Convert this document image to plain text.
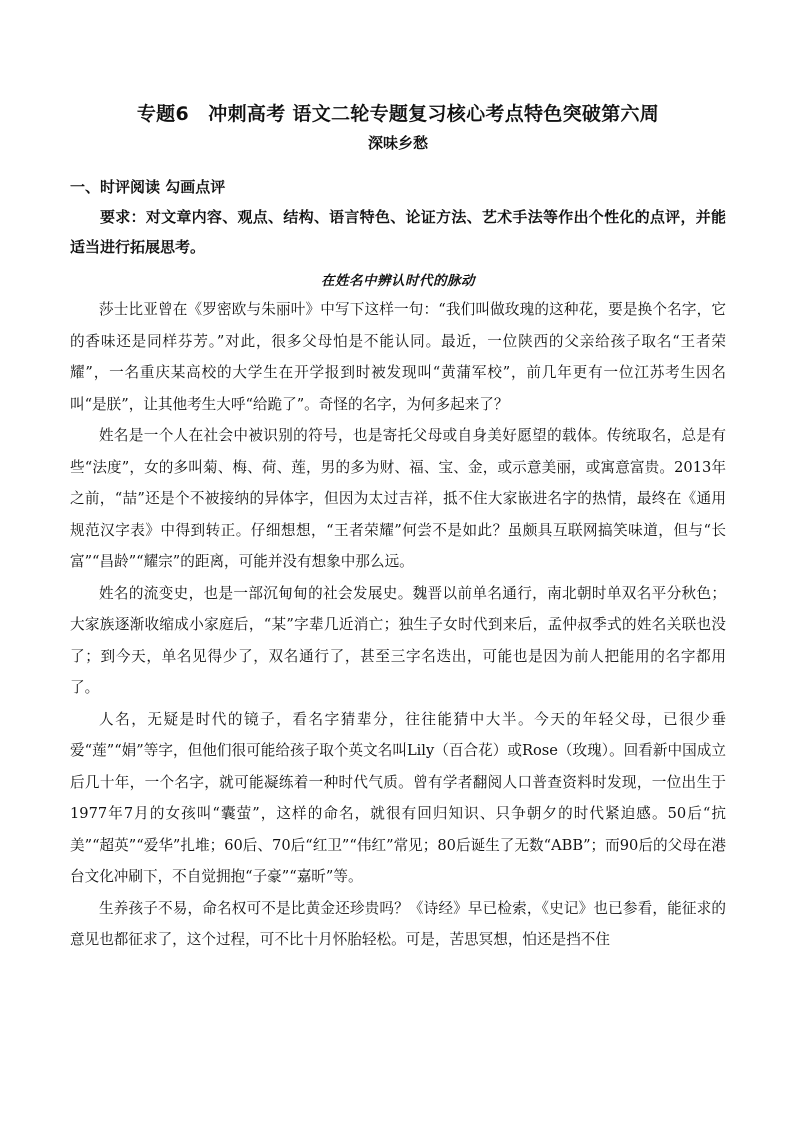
专题6　冲刺高考 语文二轮专题复习核心考点特色突破第六周
深味乡愁
一、时评阅读 勾画点评

要求：对文章内容、观点、结构、语言特色、论证方法、艺术手法等作出个性化的点评，并能适当进行拓展思考。

在姓名中辨认时代的脉动

莎士比亚曾在《罗密欧与朱丽叶》中写下这样一句：“我们叫做玫瑰的这种花，要是换个名字，它的香味还是同样芬芳。”对此，很多父母怕是不能认同。最近，一位陕西的父亲给孩子取名“王者荣耀”，一名重庆某高校的大学生在开学报到时被发现叫“黄蒲军校”，前几年更有一位江苏考生因名叫“是朕”，让其他考生大呼“给跪了”。奇怪的名字，为何多起来了？

姓名是一个人在社会中被识别的符号，也是寄托父母或自身美好愿望的载体。传统取名，总是有些“法度”，女的多叫菊、梅、荷、莲，男的多为财、福、宝、金，或示意美丽，或寓意富贵。2013年之前，“喆”还是个不被接纳的异体字，但因为太过吉祥，抵不住大家嵌进名字的热情，最终在《通用规范汉字表》中得到转正。仔细想想，“王者荣耀”何尝不是如此？虽颇具互联网搞笑味道，但与“长富”“昌龄”“耀宗”的距离，可能并没有想象中那么远。

姓名的流变史，也是一部沉甸甸的社会发展史。魏晋以前单名通行，南北朝时单双名平分秋色；大家族逐渐收缩成小家庭后，“某”字辈几近消亡；独生子女时代到来后，孟仲叔季式的姓名关联也没了；到今天，单名见得少了，双名通行了，甚至三字名迭出，可能也是因为前人把能用的名字都用了。

人名，无疑是时代的镜子，看名字猜辈分，往往能猜中大半。今天的年轻父母，已很少垂爱“莲”“娟”等字，但他们很可能给孩子取个英文名叫Lily（百合花）或Rose（玫瑰）。回看新中国成立后几十年，一个名字，就可能凝练着一种时代气质。曾有学者翻阅人口普查资料时发现，一位出生于1977年7月的女孩叫“囊萤”，这样的命名，就很有回归知识、只争朝夕的时代紧迫感。50后“抗美”“超英”“爱华”扎堆；60后、70后“红卫”“伟红”常见；80后诞生了无数“ABB”；而90后的父母在港台文化冲刷下，不自觉拥抱“子豪”“嘉昕”等。

生养孩子不易，命名权可不是比黄金还珍贵吗？《诗经》早已检索，《史记》也已参看，能征求的意见也都征求了，这个过程，可不比十月怀胎轻松。可是，苦思冥想，怕还是挡不住
